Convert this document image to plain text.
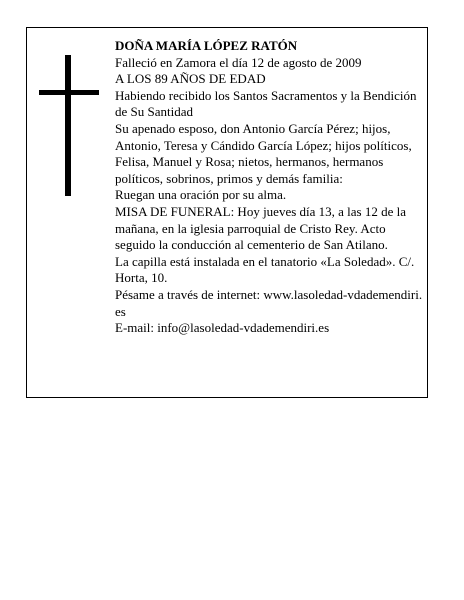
DOÑA MARÍA LÓPEZ RATÓN

Falleció en Zamora el día 12 de agosto de 2009

A LOS 89 AÑOS DE EDAD

Habiendo recibido los Santos Sacramentos y la Bendición de Su Santidad

Su apenado esposo, don Antonio García Pérez; hijos, Antonio, Teresa y Cándido García López; hijos políticos, Felisa, Manuel y Rosa; nietos, hermanos, hermanos políticos, sobrinos, primos y demás familia:

Ruegan una oración por su alma.

MISA DE FUNERAL: Hoy jueves día 13, a las 12 de la mañana, en la iglesia parroquial de Cristo Rey. Acto seguido la conducción al cementerio de San Atilano.

La capilla está instalada en el tanatorio «La Soledad». C/. Horta, 10.

Pésame a través de internet: www.lasoledad-vdademendiri.es

E-mail: info@lasoledad-vdademendiri.es
